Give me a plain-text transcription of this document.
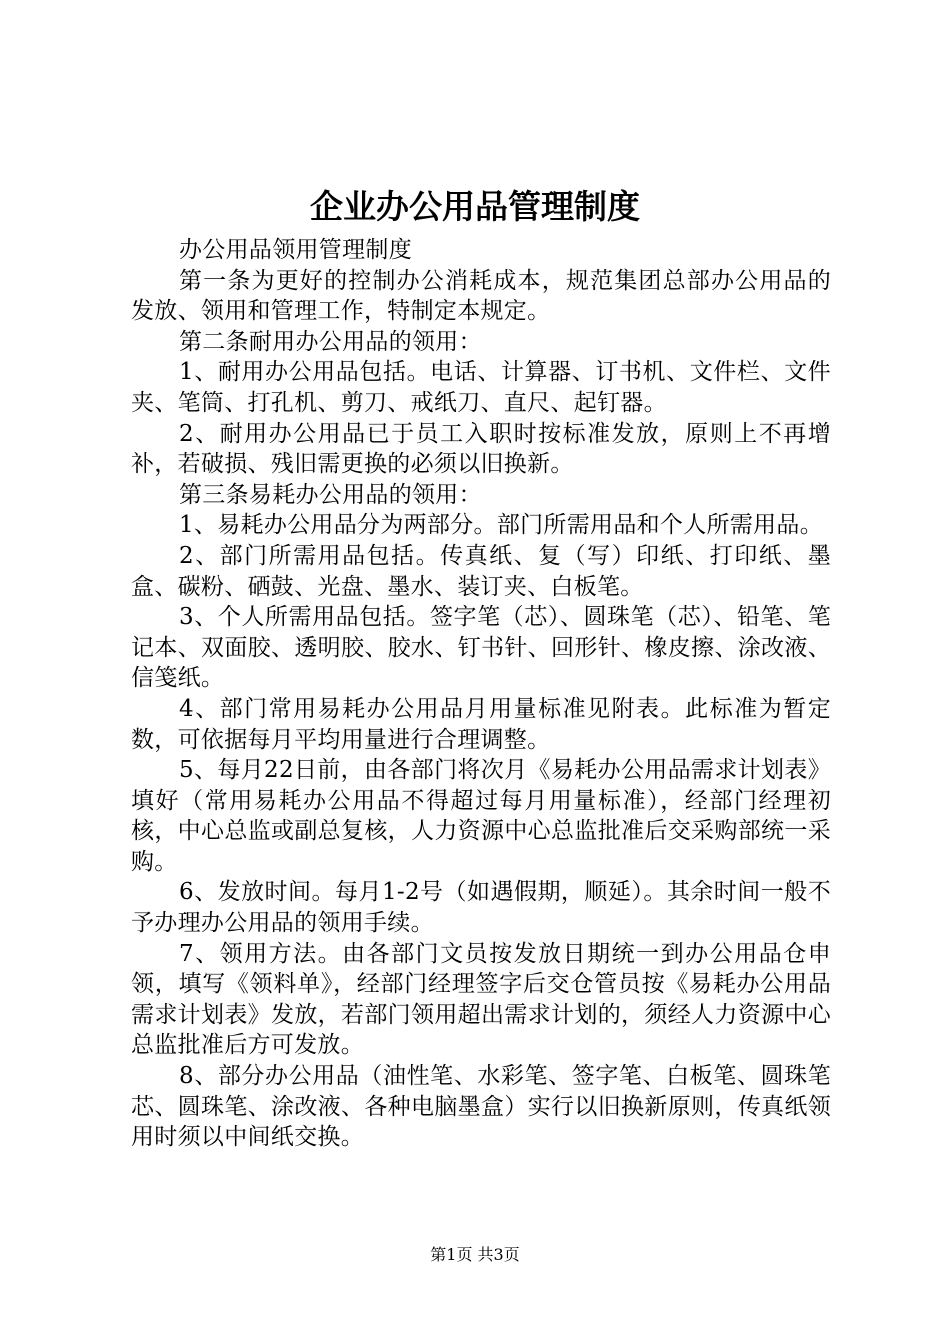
企业办公用品管理制度

办公用品领用管理制度

第一条为更好的控制办公消耗成本，规范集团总部办公用品的发放、领用和管理工作，特制定本规定。

第二条耐用办公用品的领用：

1、耐用办公用品包括。电话、计算器、订书机、文件栏、文件夹、笔筒、打孔机、剪刀、戒纸刀、直尺、起钉器。

2、耐用办公用品已于员工入职时按标准发放，原则上不再增补，若破损、残旧需更换的必须以旧换新。

第三条易耗办公用品的领用：

1、易耗办公用品分为两部分。部门所需用品和个人所需用品。

2、部门所需用品包括。传真纸、复（写）印纸、打印纸、墨盒、碳粉、硒鼓、光盘、墨水、装订夹、白板笔。

3、个人所需用品包括。签字笔（芯）、圆珠笔（芯）、铅笔、笔记本、双面胶、透明胶、胶水、钉书针、回形针、橡皮擦、涂改液、信笺纸。

4、部门常用易耗办公用品月用量标准见附表。此标准为暂定数，可依据每月平均用量进行合理调整。

5、每月22日前，由各部门将次月《易耗办公用品需求计划表》填好（常用易耗办公用品不得超过每月用量标准），经部门经理初核，中心总监或副总复核，人力资源中心总监批准后交采购部统一采购。

6、发放时间。每月1-2号（如遇假期，顺延）。其余时间一般不予办理办公用品的领用手续。

7、领用方法。由各部门文员按发放日期统一到办公用品仓申领，填写《领料单》，经部门经理签字后交仓管员按《易耗办公用品需求计划表》发放，若部门领用超出需求计划的，须经人力资源中心总监批准后方可发放。

8、部分办公用品（油性笔、水彩笔、签字笔、白板笔、圆珠笔芯、圆珠笔、涂改液、各种电脑墨盒）实行以旧换新原则，传真纸领用时须以中间纸交换。

第1页 共3页
